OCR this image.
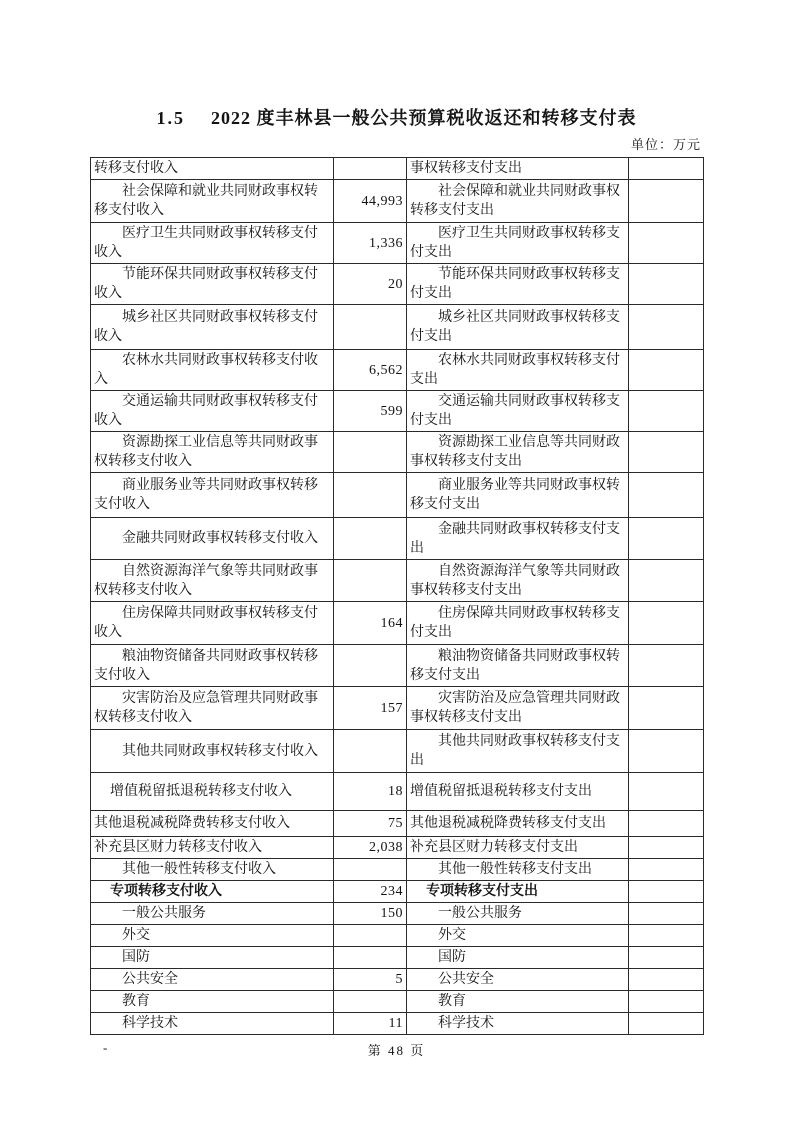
1.5 2022 度丰林县一般公共预算税收返还和转移支付表
单位：万元
转移支付收入		事权转移支付支出	
社会保障和就业共同财政事权转移支付收入	44,993	社会保障和就业共同财政事权转移支付支出	
医疗卫生共同财政事权转移支付收入	1,336	医疗卫生共同财政事权转移支付支出	
节能环保共同财政事权转移支付收入	20	节能环保共同财政事权转移支付支出	
城乡社区共同财政事权转移支付收入		城乡社区共同财政事权转移支付支出	
农林水共同财政事权转移支付收入	6,562	农林水共同财政事权转移支付支出	
交通运输共同财政事权转移支付收入	599	交通运输共同财政事权转移支付支出	
资源勘探工业信息等共同财政事权转移支付收入		资源勘探工业信息等共同财政事权转移支付支出	
商业服务业等共同财政事权转移支付收入		商业服务业等共同财政事权转移支付支出	
金融共同财政事权转移支付收入		金融共同财政事权转移支付支出	
自然资源海洋气象等共同财政事权转移支付收入		自然资源海洋气象等共同财政事权转移支付支出	
住房保障共同财政事权转移支付收入	164	住房保障共同财政事权转移支付支出	
粮油物资储备共同财政事权转移支付收入		粮油物资储备共同财政事权转移支付支出	
灾害防治及应急管理共同财政事权转移支付收入	157	灾害防治及应急管理共同财政事权转移支付支出	
其他共同财政事权转移支付收入		其他共同财政事权转移支付支出	
增值税留抵退税转移支付收入	18	增值税留抵退税转移支付支出	
其他退税减税降费转移支付收入	75	其他退税减税降费转移支付支出	
补充县区财力转移支付收入	2,038	补充县区财力转移支付支出	
其他一般性转移支付收入		其他一般性转移支付支出	
专项转移支付收入	234	专项转移支付支出	
一般公共服务	150	一般公共服务	
外交		外交	
国防		国防	
公共安全	5	公共安全	
教育		教育	
科学技术	11	科学技术	
-	第 48 页
